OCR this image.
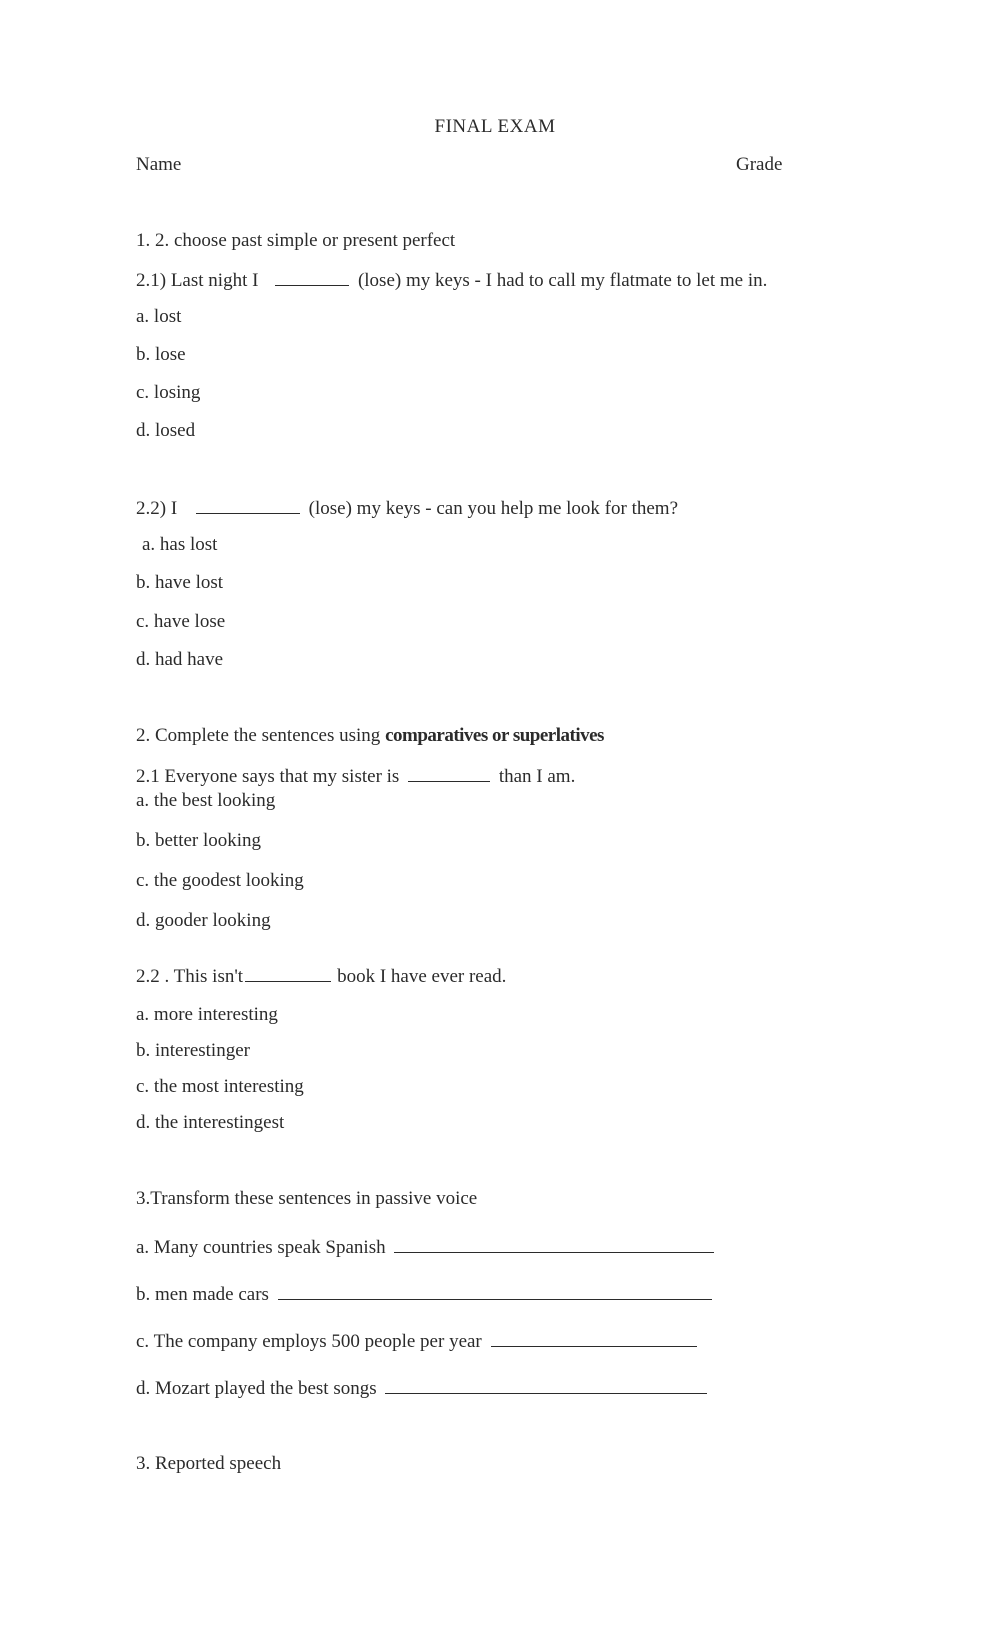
FINAL EXAM
Name	Grade
1. 2. choose past simple or present perfect
2.1) Last night I	(lose) my keys - I had to call my flatmate to let me in.
a. lost
b. lose
c. losing
d. losed
2.2) I	(lose) my keys - can you help me look for them?
a. has lost
b. have lost
c. have lose
d. had have
2. Complete the sentences using comparatives or superlatives
2.1 Everyone says that my sister is	than I am.
a. the best looking
b. better looking
c. the goodest looking
d. gooder looking
2.2 . This isn't	book I have ever read.
a. more interesting
b. interestinger
c. the most interesting
d. the interestingest
3.Transform these sentences in passive voice
a. Many countries speak Spanish
b. men made cars
c. The company employs 500 people per year
d. Mozart played the best songs
3. Reported speech
